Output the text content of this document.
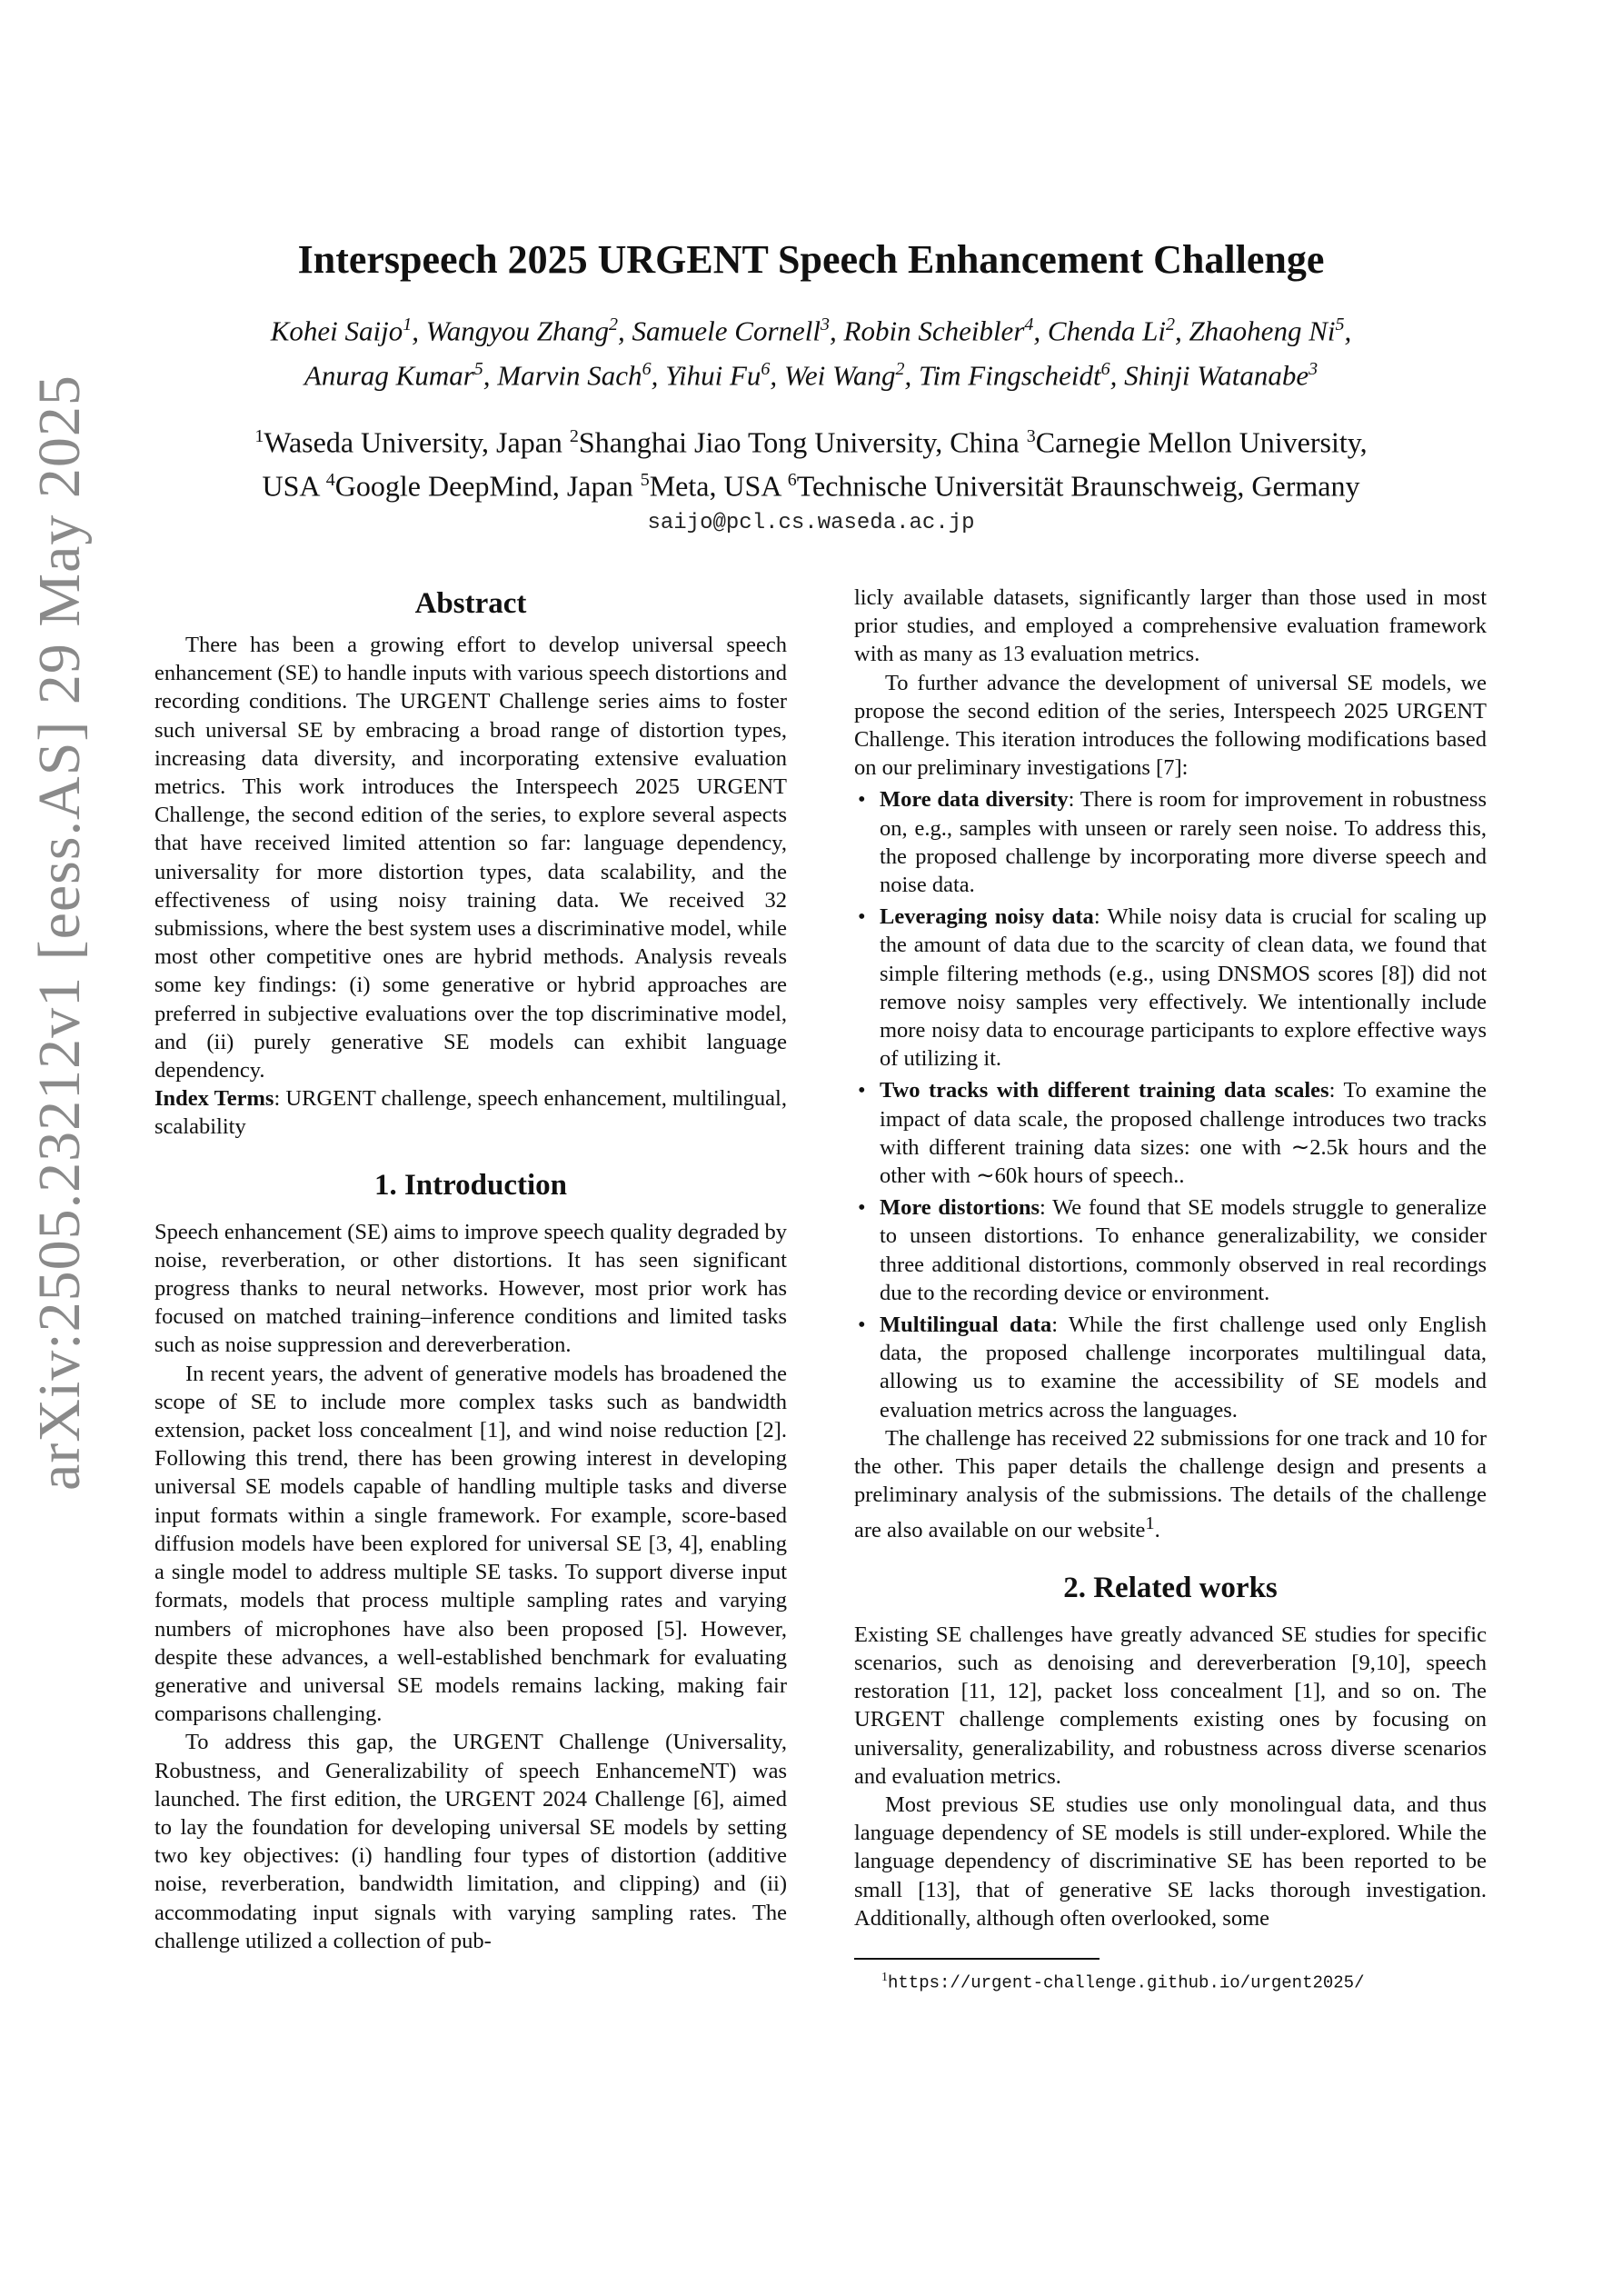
arXiv:2505.23212v1 [eess.AS] 29 May 2025
Interspeech 2025 URGENT Speech Enhancement Challenge
Kohei Saijo$^1$, Wangyou Zhang$^2$, Samuele Cornell$^3$, Robin Scheibler$^4$, Chenda Li$^2$, Zhaoheng Ni$^5$,
Anurag Kumar$^5$, Marvin Sach$^6$, Yihui Fu$^6$, Wei Wang$^2$, Tim Fingscheidt$^6$, Shinji Watanabe$^3$
$^1$Waseda University, Japan $^2$Shanghai Jiao Tong University, China $^3$Carnegie Mellon University,
USA $^4$Google DeepMind, Japan $^5$Meta, USA $^6$Technische Universität Braunschweig, Germany
saijo@pcl.cs.waseda.ac.jp
Abstract

There has been a growing effort to develop universal speech enhancement (SE) to handle inputs with various speech distortions and recording conditions. The URGENT Challenge series aims to foster such universal SE by embracing a broad range of distortion types, increasing data diversity, and incorporating extensive evaluation metrics. This work introduces the Interspeech 2025 URGENT Challenge, the second edition of the series, to explore several aspects that have received limited attention so far: language dependency, universality for more distortion types, data scalability, and the effectiveness of using noisy training data. We received 32 submissions, where the best system uses a discriminative model, while most other competitive ones are hybrid methods. Analysis reveals some key findings: (i) some generative or hybrid approaches are preferred in subjective evaluations over the top discriminative model, and (ii) purely generative SE models can exhibit language dependency.

Index Terms: URGENT challenge, speech enhancement, multilingual, scalability

1. Introduction

Speech enhancement (SE) aims to improve speech quality degraded by noise, reverberation, or other distortions. It has seen significant progress thanks to neural networks. However, most prior work has focused on matched training–inference conditions and limited tasks such as noise suppression and dereverberation.

In recent years, the advent of generative models has broadened the scope of SE to include more complex tasks such as bandwidth extension, packet loss concealment [1], and wind noise reduction [2]. Following this trend, there has been growing interest in developing universal SE models capable of handling multiple tasks and diverse input formats within a single framework. For example, score-based diffusion models have been explored for universal SE [3, 4], enabling a single model to address multiple SE tasks. To support diverse input formats, models that process multiple sampling rates and varying numbers of microphones have also been proposed [5]. However, despite these advances, a well-established benchmark for evaluating generative and universal SE models remains lacking, making fair comparisons challenging.

To address this gap, the URGENT Challenge (Universality, Robustness, and Generalizability of speech EnhancemeNT) was launched. The first edition, the URGENT 2024 Challenge [6], aimed to lay the foundation for developing universal SE models by setting two key objectives: (i) handling four types of distortion (additive noise, reverberation, bandwidth limitation, and clipping) and (ii) accommodating input signals with varying sampling rates. The challenge utilized a collection of pub-

licly available datasets, significantly larger than those used in most prior studies, and employed a comprehensive evaluation framework with as many as 13 evaluation metrics.

To further advance the development of universal SE models, we propose the second edition of the series, Interspeech 2025 URGENT Challenge. This iteration introduces the following modifications based on our preliminary investigations [7]:

• More data diversity: There is room for improvement in robustness on, e.g., samples with unseen or rarely seen noise. To address this, the proposed challenge by incorporating more diverse speech and noise data.
• Leveraging noisy data: While noisy data is crucial for scaling up the amount of data due to the scarcity of clean data, we found that simple filtering methods (e.g., using DNSMOS scores [8]) did not remove noisy samples very effectively. We intentionally include more noisy data to encourage participants to explore effective ways of utilizing it.
• Two tracks with different training data scales: To examine the impact of data scale, the proposed challenge introduces two tracks with different training data sizes: one with ∼2.5k hours and the other with ∼60k hours of speech..
• More distortions: We found that SE models struggle to generalize to unseen distortions. To enhance generalizability, we consider three additional distortions, commonly observed in real recordings due to the recording device or environment.
• Multilingual data: While the first challenge used only English data, the proposed challenge incorporates multilingual data, allowing us to examine the accessibility of SE models and evaluation metrics across the languages.

The challenge has received 22 submissions for one track and 10 for the other. This paper details the challenge design and presents a preliminary analysis of the submissions. The details of the challenge are also available on our website$^1$.

2. Related works

Existing SE challenges have greatly advanced SE studies for specific scenarios, such as denoising and dereverberation [9,10], speech restoration [11, 12], packet loss concealment [1], and so on. The URGENT challenge complements existing ones by focusing on universality, generalizability, and robustness across diverse scenarios and evaluation metrics.

Most previous SE studies use only monolingual data, and thus language dependency of SE models is still under-explored. While the language dependency of discriminative SE has been reported to be small [13], that of generative SE lacks thorough investigation. Additionally, although often overlooked, some

$^1$https://urgent-challenge.github.io/urgent2025/
